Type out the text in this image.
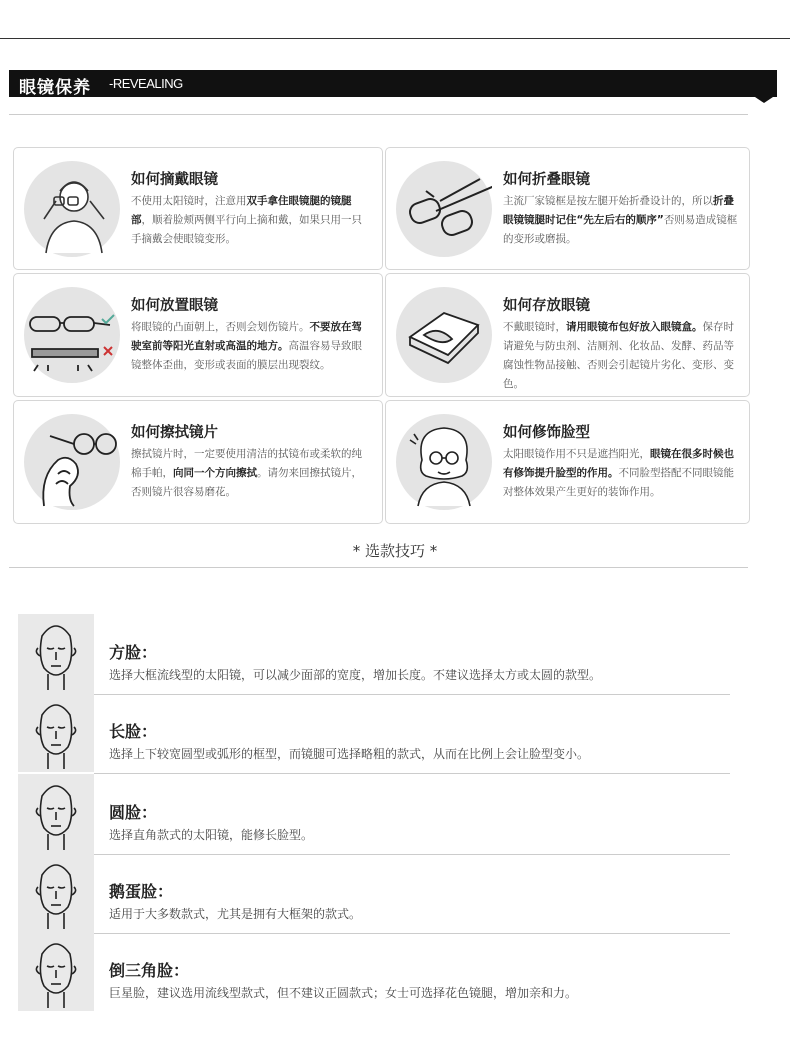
眼镜保养 -REVEALING
如何摘戴眼镜
不使用太阳镜时，注意用双手拿住眼镜腿的镜腿部，顺着脸颊两侧平行向上摘和戴，如果只用一只手摘戴会使眼镜变形。
如何折叠眼镜
主流厂家镜框是按左腿开始折叠设计的，所以折叠眼镜镜腿时记住“先左后右的顺序”否则易造成镜框的变形或磨损。
如何放置眼镜
将眼镜的凸面朝上，否则会划伤镜片。不要放在驾驶室前等阳光直射或高温的地方。高温容易导致眼镜整体歪曲，变形或表面的膜层出现裂纹。
如何存放眼镜
不戴眼镜时，请用眼镜布包好放入眼镜盒。保存时请避免与防虫剂、洁厕剂、化妆品、发酵、药品等腐蚀性物品接触、否则会引起镜片劣化、变形、变色。
如何擦拭镜片
擦拭镜片时，一定要使用清洁的拭镜布或柔软的纯棉手帕，向同一个方向擦拭。请勿来回擦拭镜片，否则镜片很容易磨花。
如何修饰脸型
太阳眼镜作用不只是遮挡阳光，眼镜在很多时候也有修饰提升脸型的作用。不同脸型搭配不同眼镜能对整体效果产生更好的装饰作用。
* 选款技巧 *
方脸：
选择大框流线型的太阳镜，可以减少面部的宽度，增加长度。不建议选择太方或太圆的款型。
长脸：
选择上下较宽圆型或弧形的框型，而镜腿可选择略粗的款式，从而在比例上会让脸型变小。
圆脸：
选择直角款式的太阳镜，能修长脸型。
鹅蛋脸：
适用于大多数款式，尤其是拥有大框架的款式。
倒三角脸：
巨星脸，建议选用流线型款式，但不建议正圆款式；女士可选择花色镜腿，增加亲和力。
